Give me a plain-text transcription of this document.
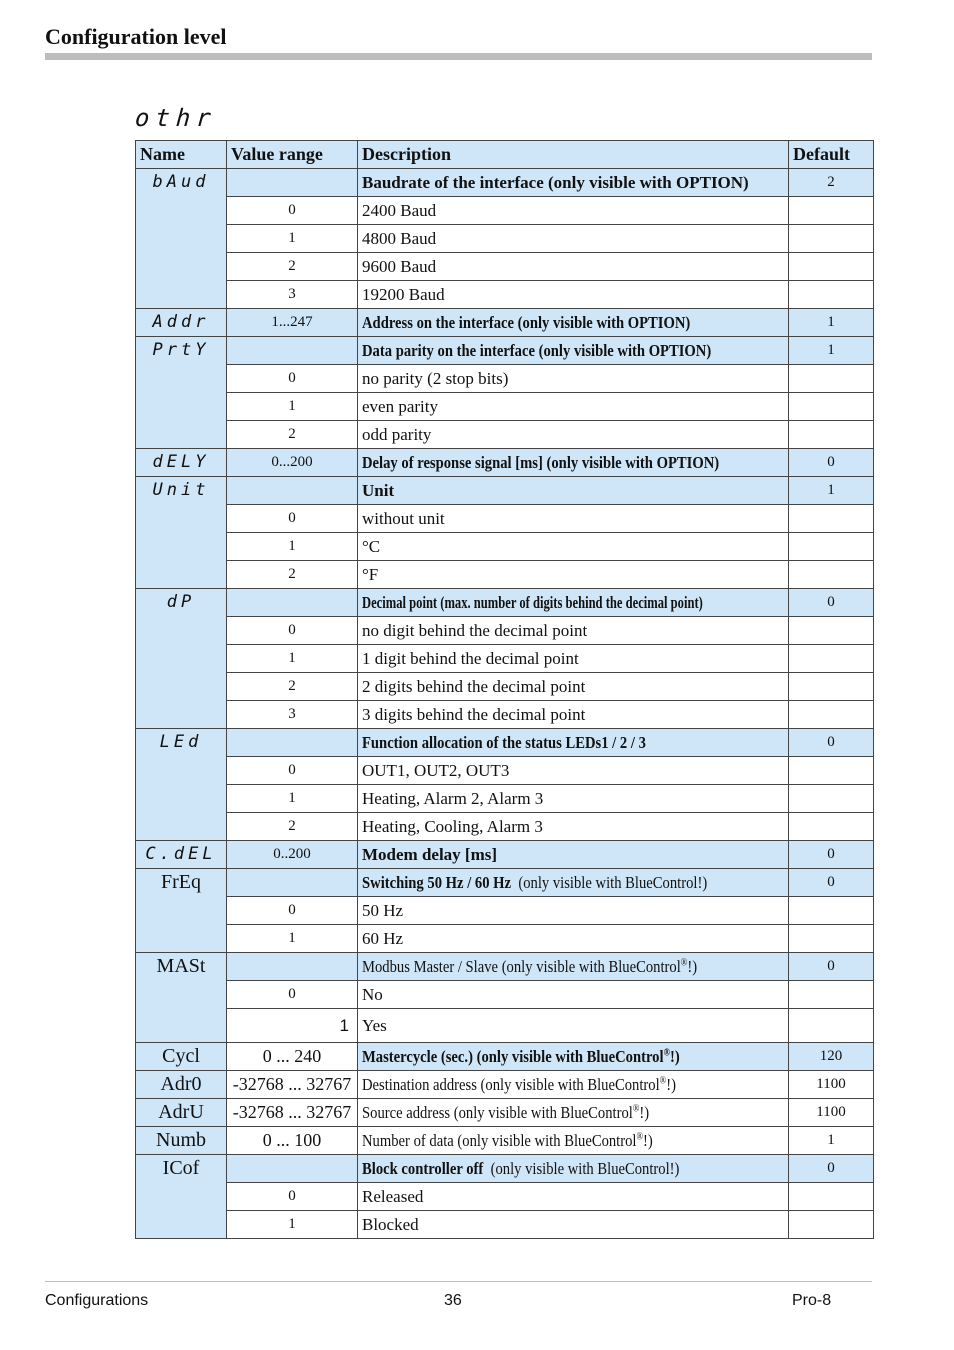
Configuration level
othr
Name	Value range	Description	Default
bAud		Baudrate of the interface (only visible with OPTION)	2
	0	2400 Baud	
	1	4800 Baud	
	2	9600 Baud	
	3	19200 Baud	
Addr	1...247	Address on the interface (only visible with OPTION)	1
PrtY		Data parity on the interface (only visible with OPTION)	1
	0	no parity (2 stop bits)	
	1	even parity	
	2	odd parity	
dELY	0...200	Delay of response signal [ms] (only visible with OPTION)	0
Unit		Unit	1
	0	without unit	
	1	°C	
	2	°F	
dP		Decimal point (max. number of digits behind the decimal point)	0
	0	no digit behind the decimal point	
	1	1 digit behind the decimal point	
	2	2 digits behind the decimal point	
	3	3 digits behind the decimal point	
LEd		Function allocation of the status LEDs1 / 2 / 3	0
	0	OUT1, OUT2, OUT3	
	1	Heating, Alarm 2, Alarm 3	
	2	Heating, Cooling, Alarm 3	
C.dEL	0..200	Modem delay [ms]	0
FrEq		Switching 50 Hz / 60 Hz (only visible with BlueControl!)	0
	0	50 Hz	
	1	60 Hz	
MASt		Modbus Master / Slave (only visible with BlueControl®!)	0
	0	No	
	1	Yes	
Cycl	0 ... 240	Mastercycle (sec.) (only visible with BlueControl®!)	120
Adr0	-32768 ... 32767	Destination address (only visible with BlueControl®!)	1100
AdrU	-32768 ... 32767	Source address (only visible with BlueControl®!)	1100
Numb	0 ... 100	Number of data (only visible with BlueControl®!)	1
ICof		Block controller off (only visible with BlueControl!)	0
	0	Released	
	1	Blocked	
Configurations	36	Pro-8
